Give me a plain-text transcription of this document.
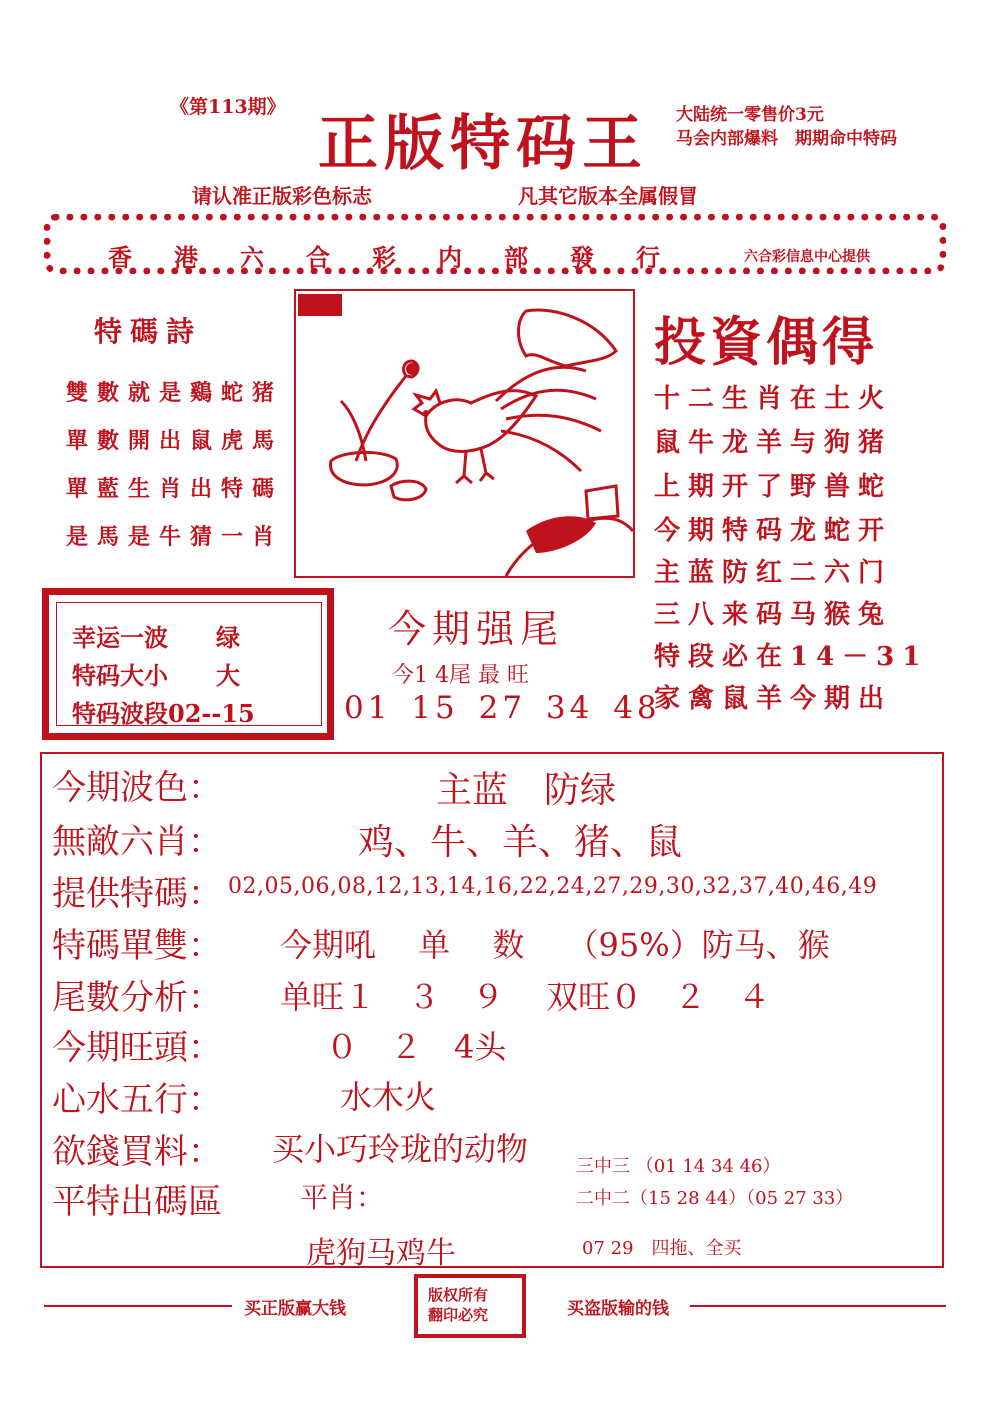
《第113期》
正版特码王 大陆统一零售价3元
马会内部爆料　期期命中特码
请认准正版彩色标志	凡其它版本全属假冒
香港六合彩内部發行	六合彩信息中心提供
特碼詩
雙數就是鷄蛇猪
單數開出鼠虎馬
單藍生肖出特碼
是馬是牛猜一肖
投資偶得
十二生肖在土火
鼠牛龙羊与狗猪
上期开了野兽蛇
今期特码龙蛇开
主蓝防红二六门
三八来码马猴兔
特段必在14－31
家禽鼠羊今期出
幸运一波　　绿
特码大小　　大
特码波段02--15
今期强尾
今1 4尾 最 旺
01 15 27 34 48
今期波色：	主蓝　防绿
無敵六肖：	鸡、牛、羊、猪、鼠
提供特碼： 02,05,06,08,12,13,14,16,22,24,27,29,30,32,37,40,46,49
特碼單雙： 今期吼　 单　 数　 （95%）防马、猴
尾數分析： 单旺１　３　９　 双旺０　２　４
今期旺頭：	０　２　4头
心水五行：	水木火
欲錢買料： 买小巧玲珑的动物
平特出碼區	平肖：
虎狗马鸡牛
三中三 （01 14 34 46）
二中二（15 28 44）（05 27 33）
07 29　四拖、全买
买正版赢大钱	买盗版输的钱
版权所有
翻印必究
